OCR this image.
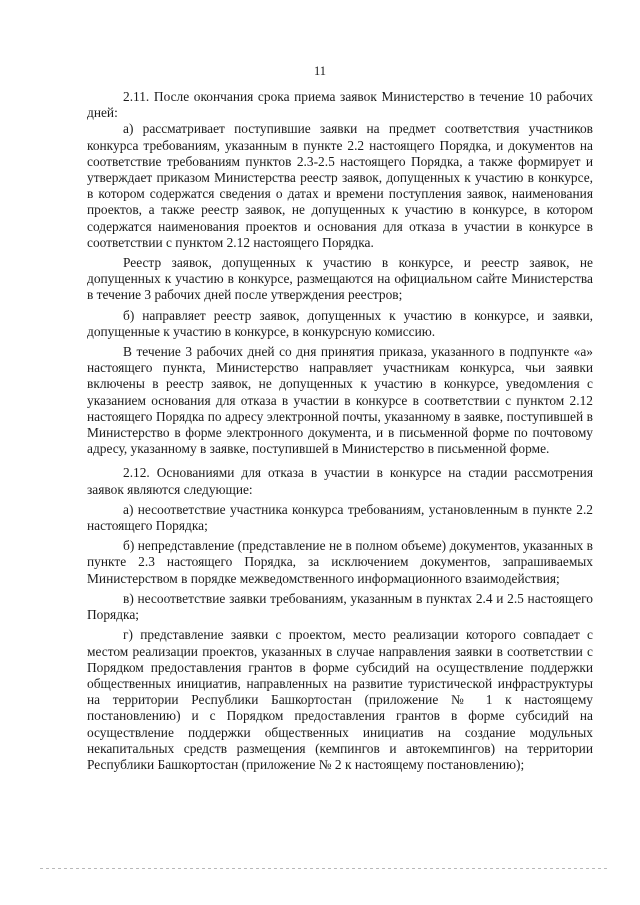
11

2.11. После окончания срока приема заявок Министерство в течение 10 рабочих дней:

а) рассматривает поступившие заявки на предмет соответствия участников конкурса требованиям, указанным в пункте 2.2 настоящего Порядка, и документов на соответствие требованиям пунктов 2.3-2.5 настоящего Порядка, а также формирует и утверждает приказом Министерства реестр заявок, допущенных к участию в конкурсе, в котором содержатся сведения о датах и времени поступления заявок, наименования проектов, а также реестр заявок, не допущенных к участию в конкурсе, в котором содержатся наименования проектов и основания для отказа в участии в конкурсе в соответствии с пунктом 2.12 настоящего Порядка.

Реестр заявок, допущенных к участию в конкурсе, и реестр заявок, не допущенных к участию в конкурсе, размещаются на официальном сайте Министерства в течение 3 рабочих дней после утверждения реестров;

б) направляет реестр заявок, допущенных к участию в конкурсе, и заявки, допущенные к участию в конкурсе, в конкурсную комиссию.

В течение 3 рабочих дней со дня принятия приказа, указанного в подпункте «а» настоящего пункта, Министерство направляет участникам конкурса, чьи заявки включены в реестр заявок, не допущенных к участию в конкурсе, уведомления с указанием основания для отказа в участии в конкурсе в соответствии с пунктом 2.12 настоящего Порядка по адресу электронной почты, указанному в заявке, поступившей в Министерство в форме электронного документа, и в письменной форме по почтовому адресу, указанному в заявке, поступившей в Министерство в письменной форме.

2.12. Основаниями для отказа в участии в конкурсе на стадии рассмотрения заявок являются следующие:

а) несоответствие участника конкурса требованиям, установленным в пункте 2.2 настоящего Порядка;

б) непредставление (представление не в полном объеме) документов, указанных в пункте 2.3 настоящего Порядка, за исключением документов, запрашиваемых Министерством в порядке межведомственного информационного взаимодействия;

в) несоответствие заявки требованиям, указанным в пунктах 2.4 и 2.5 настоящего Порядка;

г) представление заявки с проектом, место реализации которого совпадает с местом реализации проектов, указанных в случае направления заявки в соответствии с Порядком предоставления грантов в форме субсидий на осуществление поддержки общественных инициатив, направленных на развитие туристической инфраструктуры на территории Республики Башкортостан (приложение № 1 к настоящему постановлению) и с Порядком предоставления грантов в форме субсидий на осуществление поддержки общественных инициатив на создание модульных некапитальных средств размещения (кемпингов и автокемпингов) на территории Республики Башкортостан (приложение № 2 к настоящему постановлению);
